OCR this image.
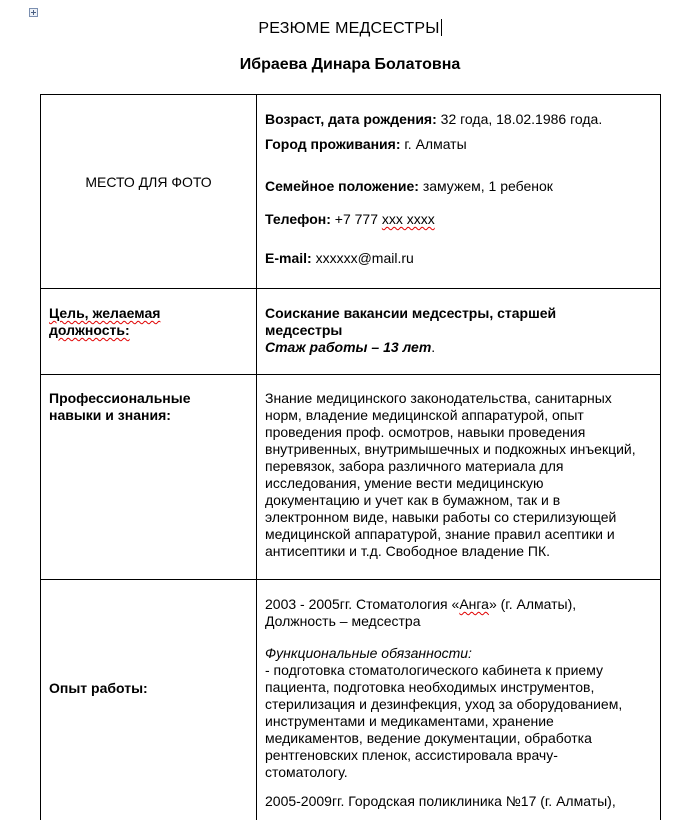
РЕЗЮМЕ МЕДСЕСТРЫ
Ибраева Динара Болатовна
МЕСТО ДЛЯ ФОТО
Возраст, дата рождения: 32 года, 18.02.1986 года.
Город проживания: г. Алматы
Семейное положение: замужем, 1 ребенок
Телефон: +7 777 xxx xxxx
E-mail: xxxxxx@mail.ru
Цель, желаемая
должность:
Соискание вакансии медсестры, старшей
медсестры
Стаж работы – 13 лет.
Профессиональные
навыки и знания:
Знание медицинского законодательства, санитарных
норм, владение медицинской аппаратурой, опыт
проведения проф. осмотров, навыки проведения
внутривенных, внутримышечных и подкожных инъекций,
перевязок, забора различного материала для
исследования, умение вести медицинскую
документацию и учет как в бумажном, так и в
электронном виде, навыки работы со стерилизующей
медицинской аппаратурой, знание правил асептики и
антисептики и т.д. Свободное владение ПК.
Опыт работы:
2003 - 2005гг. Стоматология «Анга» (г. Алматы),
Должность – медсестра
Функциональные обязанности:
- подготовка стоматологического кабинета к приему
пациента, подготовка необходимых инструментов,
стерилизация и дезинфекция, уход за оборудованием,
инструментами и медикаментами, хранение
медикаментов, ведение документации, обработка
рентгеновских пленок, ассистировала врачу-
стоматологу.
2005-2009гг. Городская поликлиника №17 (г. Алматы),
